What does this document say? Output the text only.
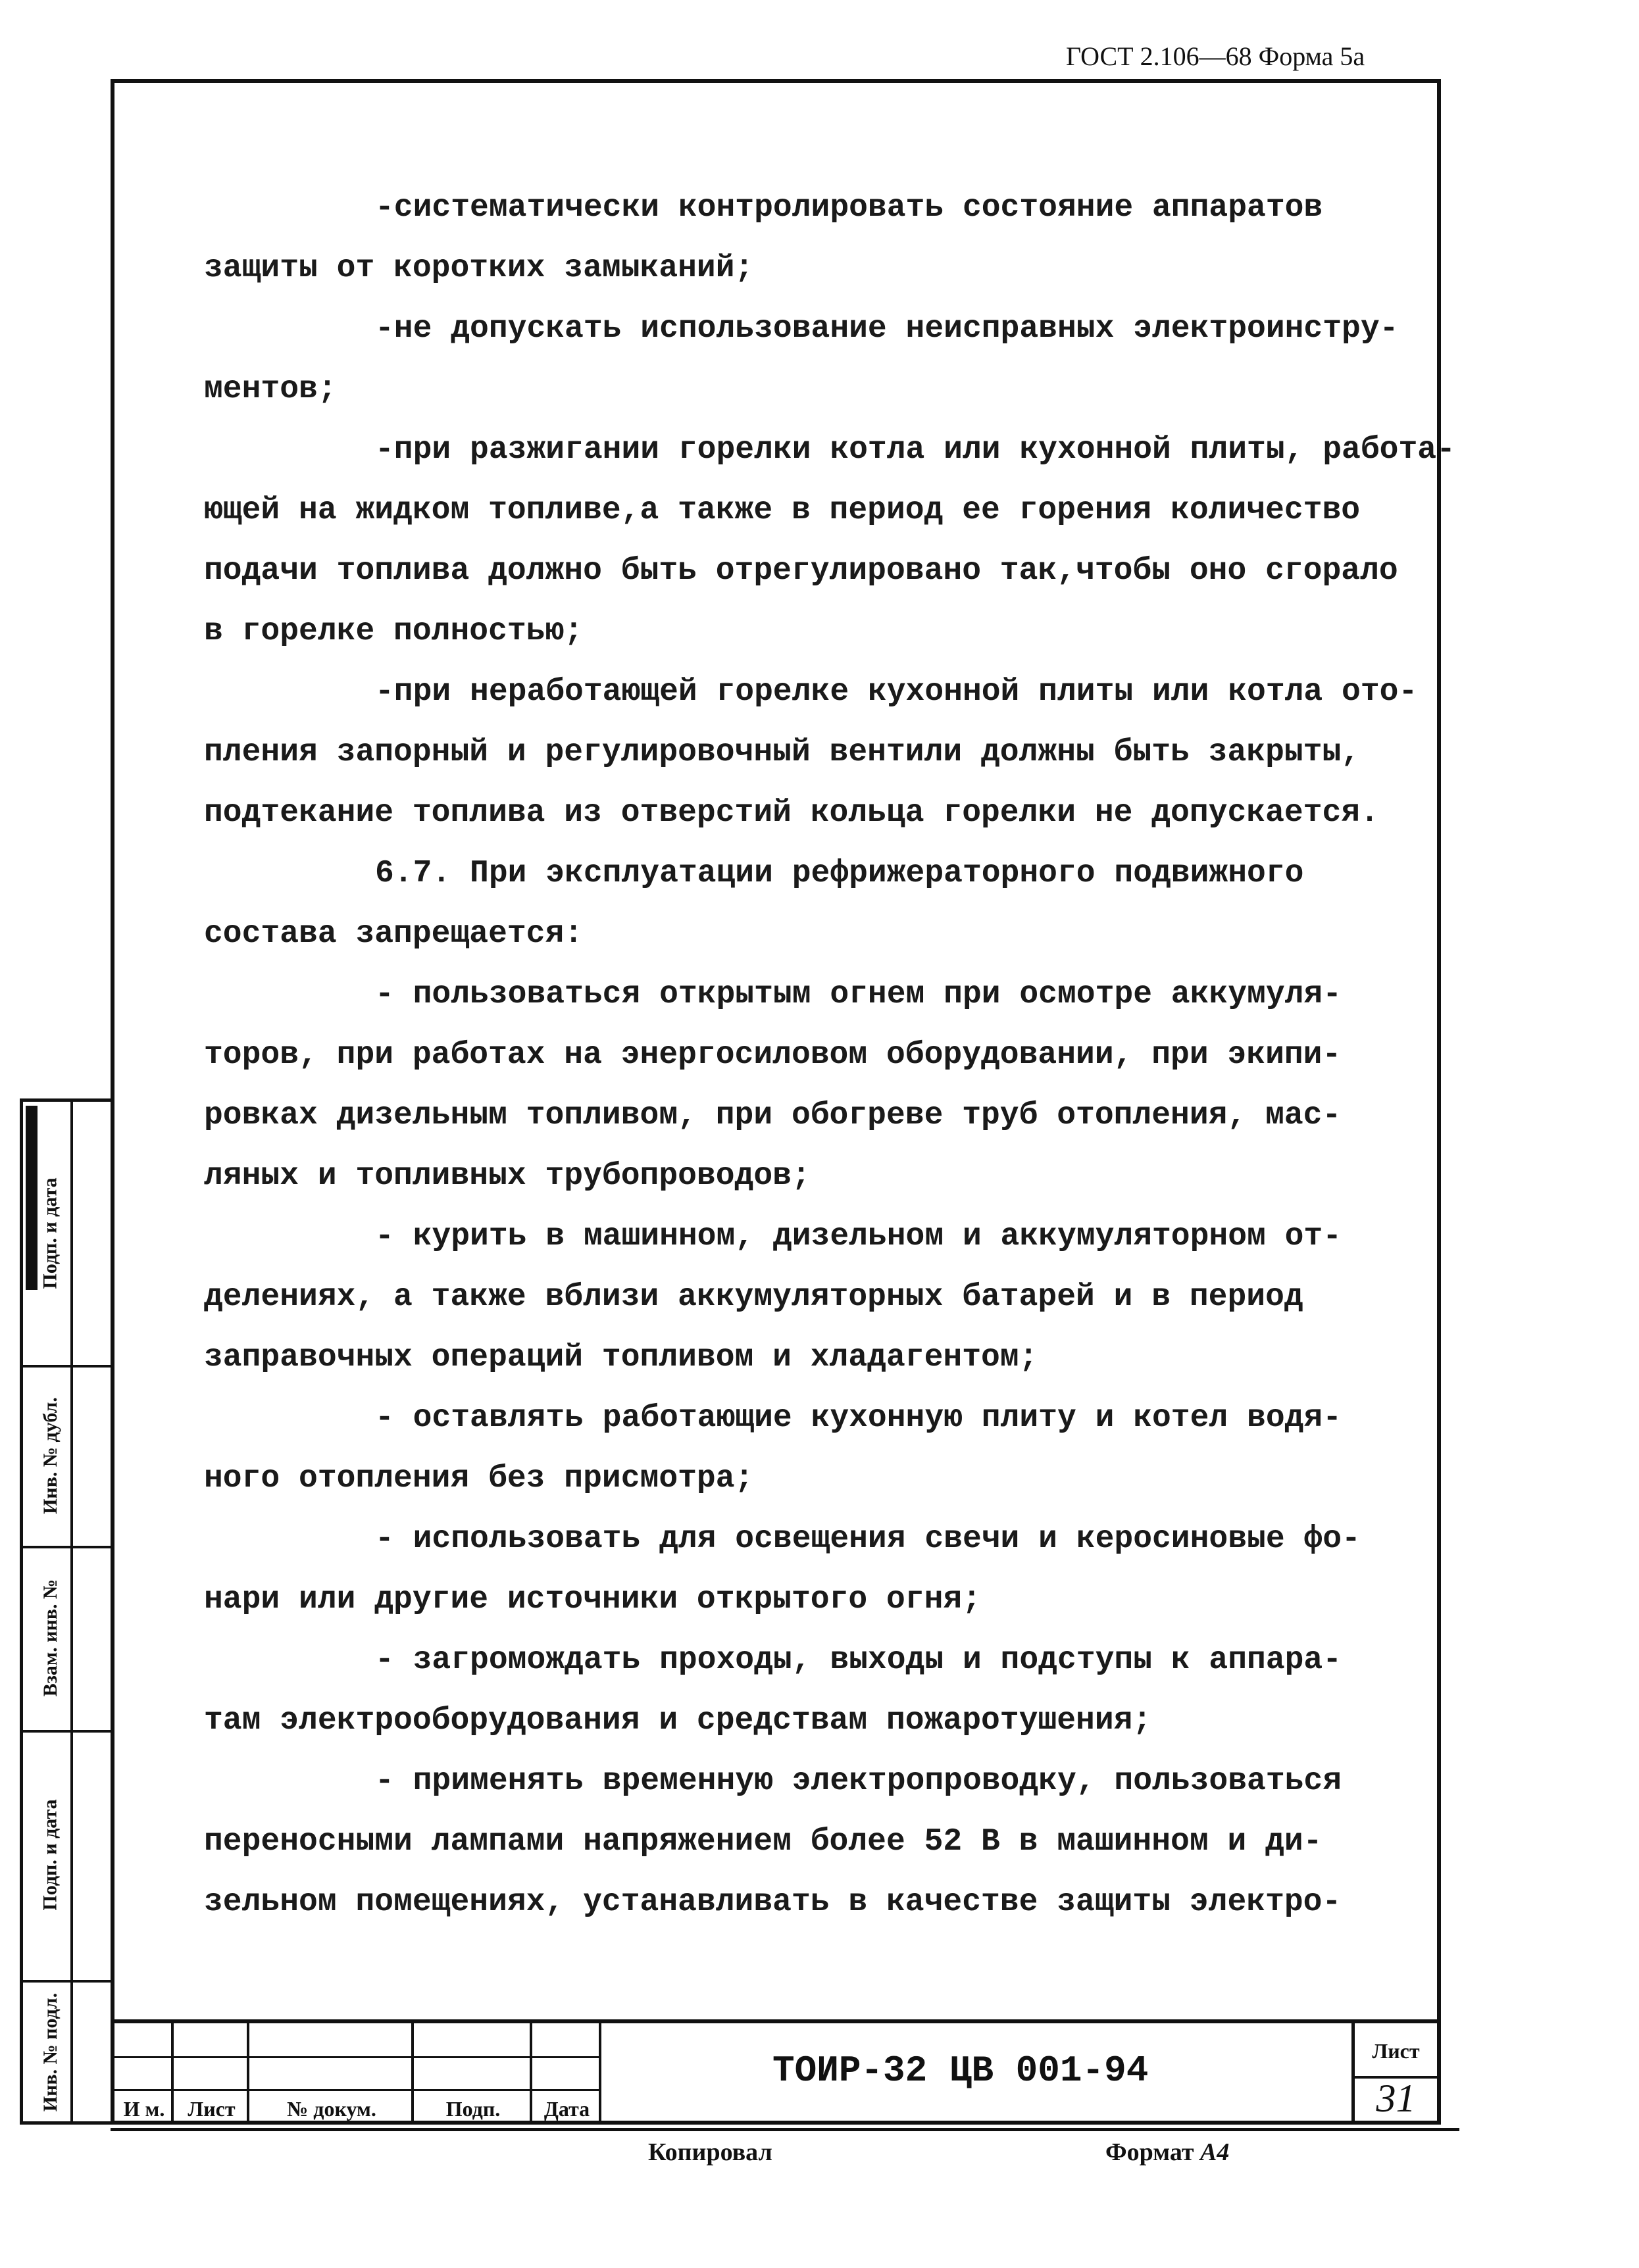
ГОСТ 2.106—68 Форма 5а
Подп. и дата
Инв. № дубл.
Взам. инв. №
Подп. и дата
Инв. № подл.
-систематически контролировать состояние аппаратов
защиты от коротких замыканий;
-не допускать использование неисправных электроинстру-
ментов;
-при разжигании горелки котла или кухонной плиты, работа-
ющей на жидком топливе,а также в период ее горения количество
подачи топлива должно быть отрегулировано так,чтобы оно сгорало
в горелке полностью;
-при неработающей горелке кухонной плиты или котла ото-
пления запорный и регулировочный вентили должны быть закрыты,
подтекание топлива из отверстий кольца горелки не допускается.
6.7. При эксплуатации рефрижераторного подвижного
состава запрещается:
- пользоваться открытым огнем при осмотре аккумуля-
торов, при работах на энергосиловом оборудовании, при экипи-
ровках дизельным топливом, при обогреве труб отопления, мас-
ляных и топливных трубопроводов;
- курить в машинном, дизельном и аккумуляторном от-
делениях, а также вблизи аккумуляторных батарей и в период
заправочных операций топливом и хладагентом;
- оставлять работающие кухонную плиту и котел водя-
ного отопления без присмотра;
- использовать для освещения свечи и керосиновые фо-
нари или другие источники открытого огня;
- загромождать проходы, выходы и подступы к аппара-
там электрооборудования и средствам пожаротушения;
- применять временную электропроводку, пользоваться
переносными лампами напряжением более 52 В в машинном и ди-
зельном помещениях, устанавливать в качестве защиты электро-
И м.	Лист	№ докум.	Подп.	Дата
ТОИР-32 ЦВ 001-94	Лист
31
Копировал	Формат А4
